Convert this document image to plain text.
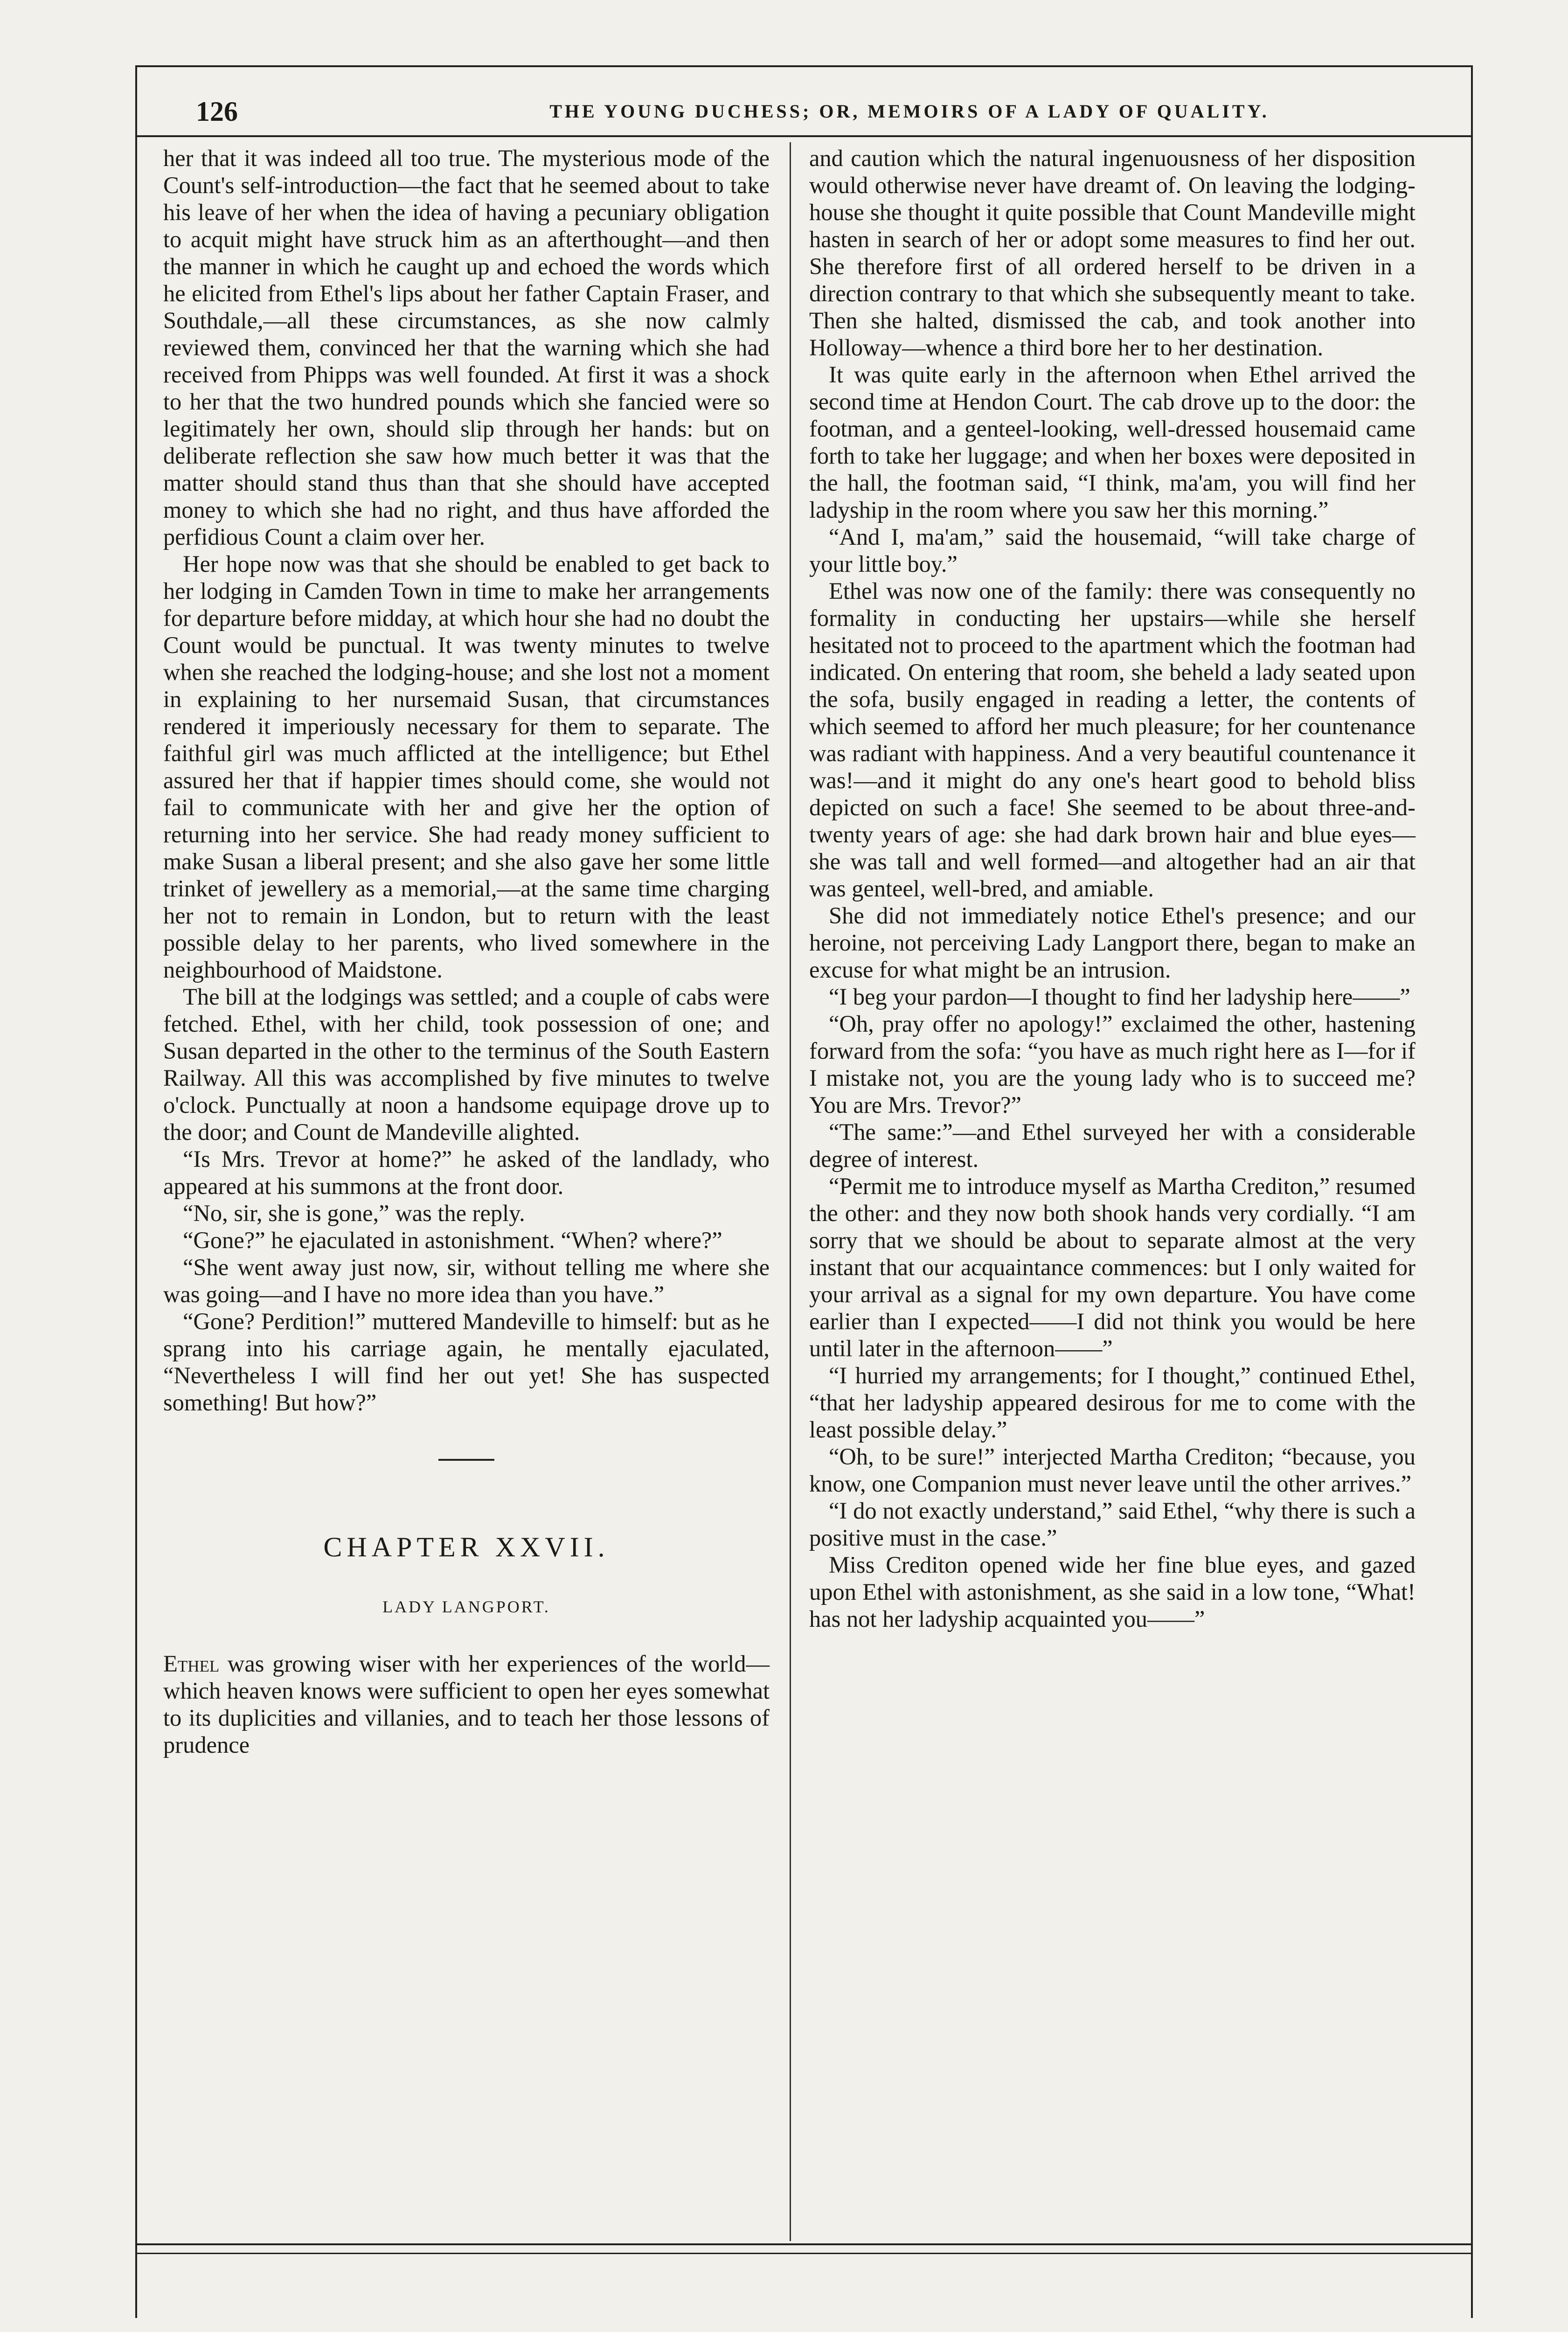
126	THE YOUNG DUCHESS; OR, MEMOIRS OF A LADY OF QUALITY.

her that it was indeed all too true. The mysterious mode of the Count's self-introduction—the fact that he seemed about to take his leave of her when the idea of having a pecuniary obligation to acquit might have struck him as an afterthought—and then the manner in which he caught up and echoed the words which he elicited from Ethel's lips about her father Captain Fraser, and Southdale,—all these circumstances, as she now calmly reviewed them, convinced her that the warning which she had received from Phipps was well founded. At first it was a shock to her that the two hundred pounds which she fancied were so legitimately her own, should slip through her hands: but on deliberate reflection she saw how much better it was that the matter should stand thus than that she should have accepted money to which she had no right, and thus have afforded the perfidious Count a claim over her.

Her hope now was that she should be enabled to get back to her lodging in Camden Town in time to make her arrangements for departure before midday, at which hour she had no doubt the Count would be punctual. It was twenty minutes to twelve when she reached the lodging-house; and she lost not a moment in explaining to her nursemaid Susan, that circumstances rendered it imperiously necessary for them to separate. The faithful girl was much afflicted at the intelligence; but Ethel assured her that if happier times should come, she would not fail to communicate with her and give her the option of returning into her service. She had ready money sufficient to make Susan a liberal present; and she also gave her some little trinket of jewellery as a memorial,—at the same time charging her not to remain in London, but to return with the least possible delay to her parents, who lived somewhere in the neighbourhood of Maidstone.

The bill at the lodgings was settled; and a couple of cabs were fetched. Ethel, with her child, took possession of one; and Susan departed in the other to the terminus of the South Eastern Railway. All this was accomplished by five minutes to twelve o'clock. Punctually at noon a handsome equipage drove up to the door; and Count de Mandeville alighted.

“Is Mrs. Trevor at home?” he asked of the landlady, who appeared at his summons at the front door.

“No, sir, she is gone,” was the reply.

“Gone?” he ejaculated in astonishment. “When? where?”

“She went away just now, sir, without telling me where she was going—and I have no more idea than you have.”

“Gone? Perdition!” muttered Mandeville to himself: but as he sprang into his carriage again, he mentally ejaculated, “Nevertheless I will find her out yet! She has suspected something! But how?”

CHAPTER XXVII.
LADY LANGPORT.

Ethel was growing wiser with her experiences of the world—which heaven knows were sufficient to open her eyes somewhat to its duplicities and villanies, and to teach her those lessons of prudence

and caution which the natural ingenuousness of her disposition would otherwise never have dreamt of. On leaving the lodging-house she thought it quite possible that Count Mandeville might hasten in search of her or adopt some measures to find her out. She therefore first of all ordered herself to be driven in a direction contrary to that which she subsequently meant to take. Then she halted, dismissed the cab, and took another into Holloway—whence a third bore her to her destination.

It was quite early in the afternoon when Ethel arrived the second time at Hendon Court. The cab drove up to the door: the footman, and a genteel-looking, well-dressed housemaid came forth to take her luggage; and when her boxes were deposited in the hall, the footman said, “I think, ma'am, you will find her ladyship in the room where you saw her this morning.”

“And I, ma'am,” said the housemaid, “will take charge of your little boy.”

Ethel was now one of the family: there was consequently no formality in conducting her upstairs—while she herself hesitated not to proceed to the apartment which the footman had indicated. On entering that room, she beheld a lady seated upon the sofa, busily engaged in reading a letter, the contents of which seemed to afford her much pleasure; for her countenance was radiant with happiness. And a very beautiful countenance it was!—and it might do any one's heart good to behold bliss depicted on such a face! She seemed to be about three-and-twenty years of age: she had dark brown hair and blue eyes—she was tall and well formed—and altogether had an air that was genteel, well-bred, and amiable.

She did not immediately notice Ethel's presence; and our heroine, not perceiving Lady Langport there, began to make an excuse for what might be an intrusion.

“I beg your pardon—I thought to find her ladyship here——”

“Oh, pray offer no apology!” exclaimed the other, hastening forward from the sofa: “you have as much right here as I—for if I mistake not, you are the young lady who is to succeed me? You are Mrs. Trevor?”

“The same:”—and Ethel surveyed her with a considerable degree of interest.

“Permit me to introduce myself as Martha Crediton,” resumed the other: and they now both shook hands very cordially. “I am sorry that we should be about to separate almost at the very instant that our acquaintance commences: but I only waited for your arrival as a signal for my own departure. You have come earlier than I expected——I did not think you would be here until later in the afternoon——”

“I hurried my arrangements; for I thought,” continued Ethel, “that her ladyship appeared desirous for me to come with the least possible delay.”

“Oh, to be sure!” interjected Martha Crediton; “because, you know, one Companion must never leave until the other arrives.”

“I do not exactly understand,” said Ethel, “why there is such a positive must in the case.”

Miss Crediton opened wide her fine blue eyes, and gazed upon Ethel with astonishment, as she said in a low tone, “What! has not her ladyship acquainted you——”
